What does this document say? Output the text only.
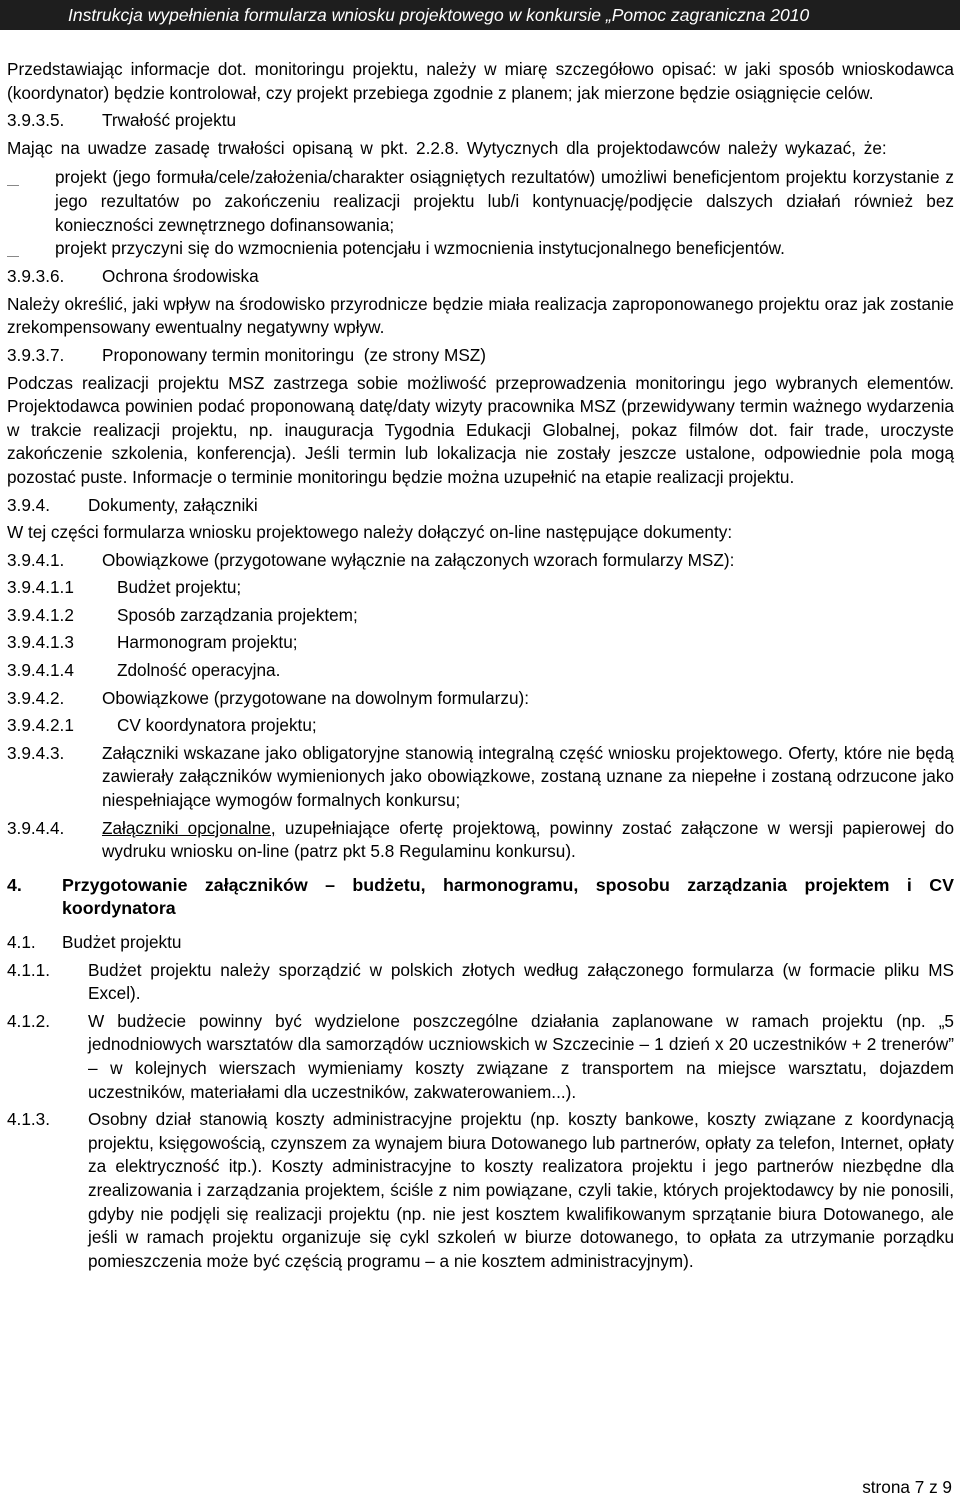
Instrukcja wypełnienia formularza wniosku projektowego w konkursie „Pomoc zagraniczna 2010

Przedstawiając informacje dot. monitoringu projektu, należy w miarę szczegółowo opisać: w jaki sposób wnioskodawca (koordynator) będzie kontrolował, czy projekt przebiega zgodnie z planem; jak mierzone będzie osiągnięcie celów.

3.9.3.5.	Trwałość projektu

Mając na uwadze zasadę trwałości opisaną w pkt. 2.2.8. Wytycznych dla projektodawców należy wykazać, że:

projekt (jego formuła/cele/założenia/charakter osiągniętych rezultatów) umożliwi beneficjentom projektu korzystanie z jego rezultatów po zakończeniu realizacji projektu lub/i kontynuację/podjęcie dalszych działań również bez konieczności zewnętrznego dofinansowania;
projekt przyczyni się do wzmocnienia potencjału i wzmocnienia instytucjonalnego beneficjentów.
3.9.3.6.	Ochrona środowiska

Należy określić, jaki wpływ na środowisko przyrodnicze będzie miała realizacja zaproponowanego projektu oraz jak zostanie zrekompensowany ewentualny negatywny wpływ.

3.9.3.7.	Proponowany termin monitoringu  (ze strony MSZ)

Podczas realizacji projektu MSZ zastrzega sobie możliwość przeprowadzenia monitoringu jego wybranych elementów. Projektodawca powinien podać proponowaną datę/daty wizyty pracownika MSZ (przewidywany termin ważnego wydarzenia w trakcie realizacji projektu, np. inauguracja Tygodnia Edukacji Globalnej, pokaz filmów dot. fair trade, uroczyste zakończenie szkolenia, konferencja). Jeśli termin lub lokalizacja nie zostały jeszcze ustalone, odpowiednie pola mogą pozostać puste. Informacje o terminie monitoringu będzie można uzupełnić na etapie realizacji projektu.

3.9.4.	Dokumenty, załączniki

W tej części formularza wniosku projektowego należy dołączyć on-line następujące dokumenty:

3.9.4.1.	Obowiązkowe (przygotowane wyłącznie na załączonych wzorach formularzy MSZ):
3.9.4.1.1	Budżet projektu;
3.9.4.1.2	Sposób zarządzania projektem;
3.9.4.1.3	Harmonogram projektu;
3.9.4.1.4	Zdolność operacyjna.
3.9.4.2.	Obowiązkowe (przygotowane na dowolnym formularzu):
3.9.4.2.1	CV koordynatora projektu;
3.9.4.3.	Załączniki wskazane jako obligatoryjne stanowią integralną część wniosku projektowego. Oferty, które nie będą zawierały załączników wymienionych jako obowiązkowe, zostaną uznane za niepełne i zostaną odrzucone jako niespełniające wymogów formalnych konkursu;
3.9.4.4.	Załączniki opcjonalne, uzupełniające ofertę projektową, powinny zostać załączone w wersji papierowej do wydruku wniosku on-line (patrz pkt 5.8 Regulaminu konkursu).
4.	Przygotowanie załączników – budżetu, harmonogramu, sposobu zarządzania projektem i CV koordynatora
4.1.	Budżet projektu
4.1.1.	Budżet projektu należy sporządzić w polskich złotych według załączonego formularza (w formacie pliku MS Excel).
4.1.2.	W budżecie powinny być wydzielone poszczególne działania zaplanowane w ramach projektu (np. „5 jednodniowych warsztatów dla samorządów uczniowskich w Szczecinie – 1 dzień x 20 uczestników + 2 trenerów” – w kolejnych wierszach wymieniamy koszty związane z transportem na miejsce warsztatu, dojazdem uczestników, materiałami dla uczestników, zakwaterowaniem...).
4.1.3.	Osobny dział stanowią koszty administracyjne projektu (np. koszty bankowe, koszty związane z koordynacją projektu, księgowością, czynszem za wynajem biura Dotowanego lub partnerów, opłaty za telefon, Internet, opłaty za elektryczność itp.). Koszty administracyjne to koszty realizatora projektu i jego partnerów niezbędne dla zrealizowania i zarządzania projektem, ściśle z nim powiązane, czyli takie, których projektodawcy by nie ponosili, gdyby nie podjęli się realizacji projektu (np. nie jest kosztem kwalifikowanym sprzątanie biura Dotowanego, ale jeśli w ramach projektu organizuje się cykl szkoleń w biurze dotowanego, to opłata za utrzymanie porządku pomieszczenia może być częścią programu – a nie kosztem administracyjnym).
strona 7 z 9
